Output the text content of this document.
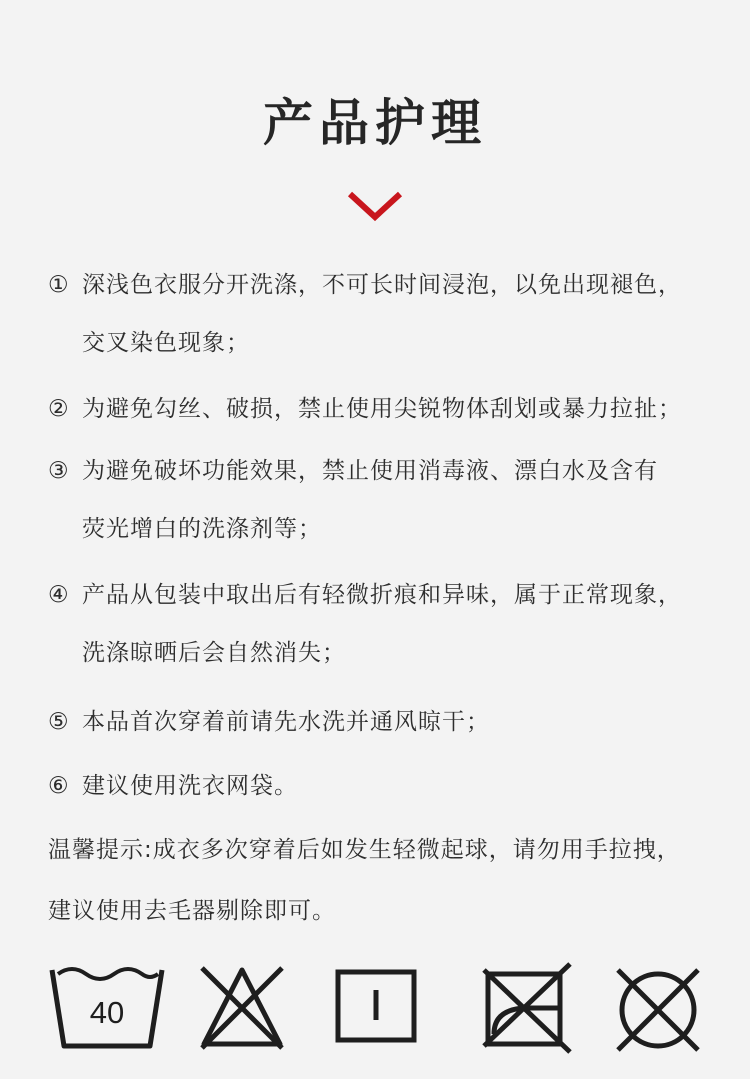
产品护理
① 深浅色衣服分开洗涤，不可长时间浸泡，以免出现褪色，
交叉染色现象；
② 为避免勾丝、破损，禁止使用尖锐物体刮划或暴力拉扯；
③ 为避免破坏功能效果，禁止使用消毒液、漂白水及含有
荧光增白的洗涤剂等；
④ 产品从包装中取出后有轻微折痕和异味，属于正常现象，
洗涤晾晒后会自然消失；
⑤ 本品首次穿着前请先水洗并通风晾干；
⑥ 建议使用洗衣网袋。
温馨提示:成衣多次穿着后如发生轻微起球，请勿用手拉拽，
建议使用去毛器剔除即可。
40
